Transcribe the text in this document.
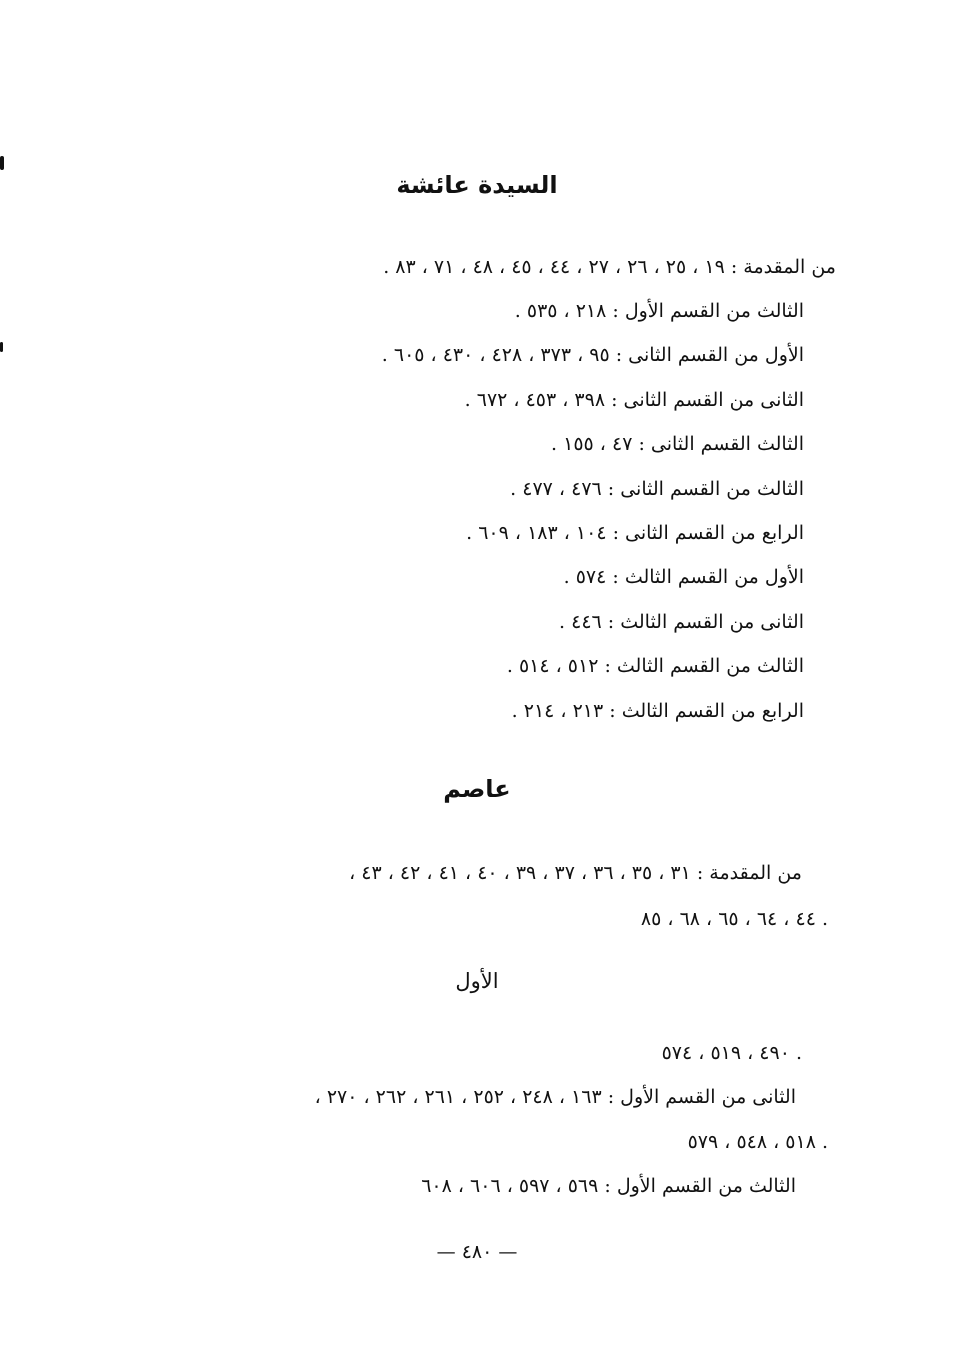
السيدة عائشة
من المقدمة : ١٩ ، ٢٥ ، ٢٦ ، ٢٧ ، ٤٤ ، ٤٥ ، ٤٨ ، ٧١ ، ٨٣ .
الثالث من القسم الأول : ٢١٨ ، ٥٣٥ .
الأول من القسم الثانى : ٩٥ ، ٣٧٣ ، ٤٢٨ ، ٤٣٠ ، ٦٠٥ .
الثانى من القسم الثانى : ٣٩٨ ، ٤٥٣ ، ٦٧٢ .
الثالث القسم الثانى : ٤٧ ، ١٥٥ .
الثالث من القسم الثانى : ٤٧٦ ، ٤٧٧ .
الرابع من القسم الثانى : ١٠٤ ، ١٨٣ ، ٦٠٩ .
الأول من القسم الثالث : ٥٧٤ .
الثانى من القسم الثالث : ٤٤٦ .
الثالث من القسم الثالث : ٥١٢ ، ٥١٤ .
الرابع من القسم الثالث : ٢١٣ ، ٢١٤ .
عاصم
من المقدمة : ٣١ ، ٣٥ ، ٣٦ ، ٣٧ ، ٣٩ ، ٤٠ ، ٤١ ، ٤٢ ، ٤٣ ،
٤٤ ، ٦٤ ، ٦٥ ، ٦٨ ، ٨٥ .
الأول
٤٩٠ ، ٥١٩ ، ٥٧٤ .
الثانى من القسم الأول : ١٦٣ ، ٢٤٨ ، ٢٥٢ ، ٢٦١ ، ٢٦٢ ، ٢٧٠ ،
٥١٨ ، ٥٤٨ ، ٥٧٩ .
الثالث من القسم الأول : ٥٦٩ ، ٥٩٧ ، ٦٠٦ ، ٦٠٨
— ٤٨٠ —
